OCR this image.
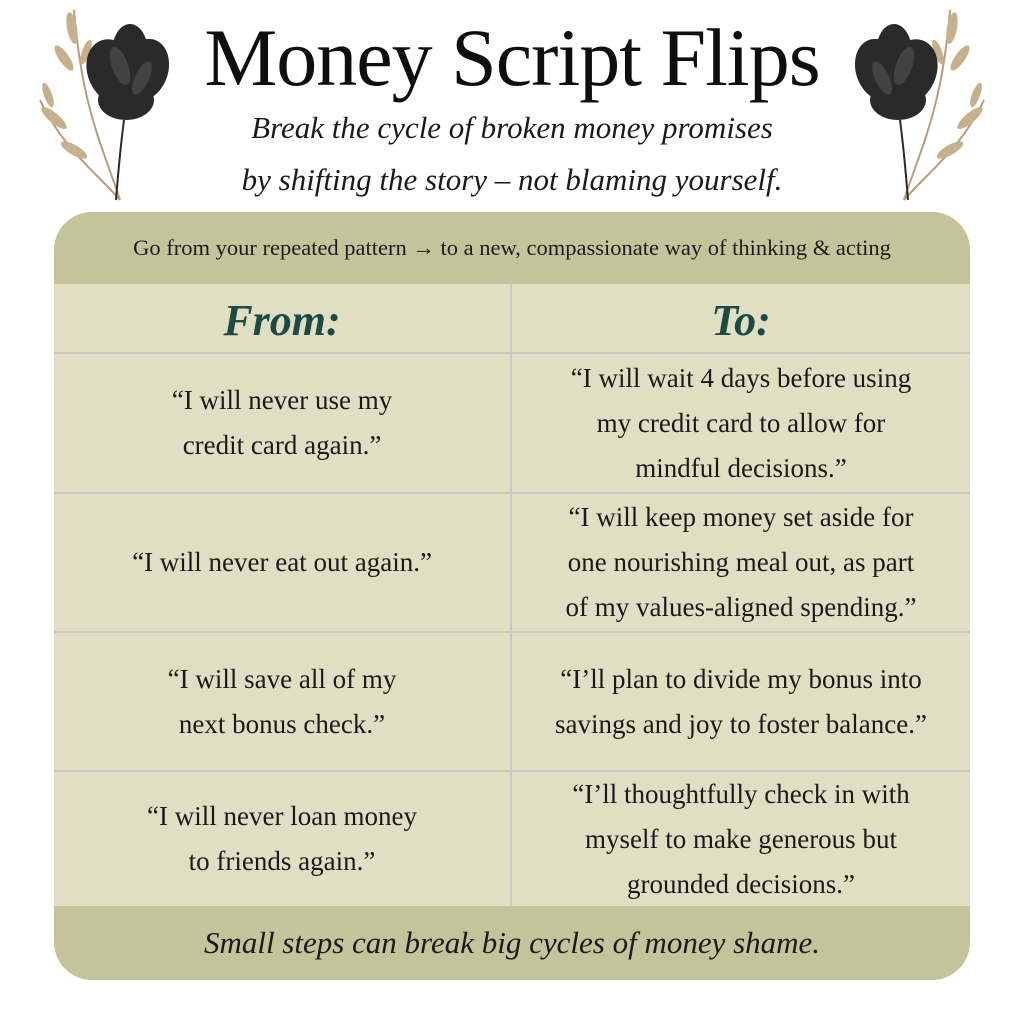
Money Script Flips
Break the cycle of broken money promises
by shifting the story – not blaming yourself.
Go from your repeated pattern → to a new, compassionate way of thinking & acting
From:	To:
“I will never use my
credit card again.”
“I will wait 4 days before using
my credit card to allow for
mindful decisions.”
“I will never eat out again.”
“I will keep money set aside for
one nourishing meal out, as part
of my values-aligned spending.”
“I will save all of my
next bonus check.”
“I’ll plan to divide my bonus into
savings and joy to foster balance.”
“I will never loan money
to friends again.”
“I’ll thoughtfully check in with
myself to make generous but
grounded decisions.”
Small steps can break big cycles of money shame.
